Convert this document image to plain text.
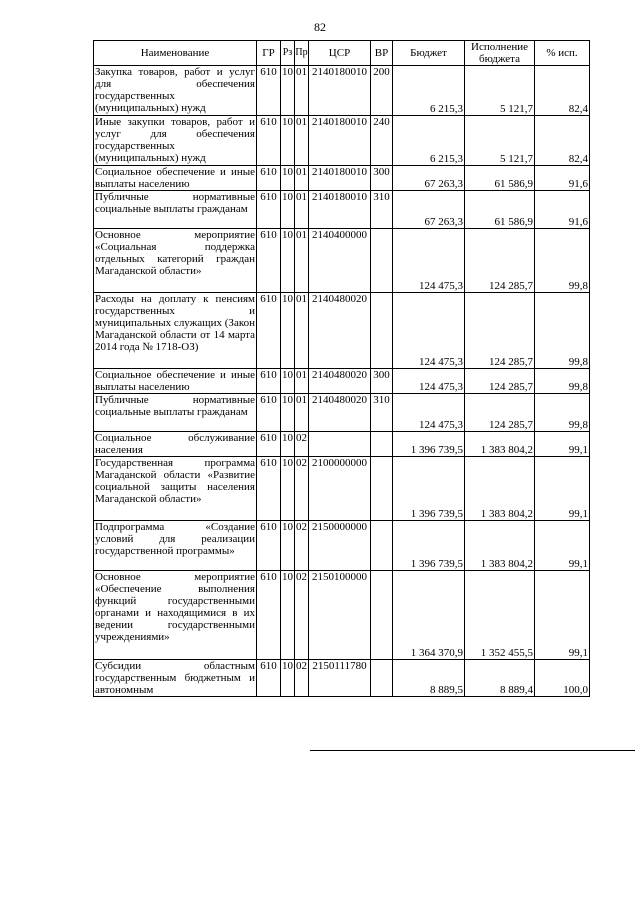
82
Наименование	ГР	Рз	Пр	ЦСР	ВР	Бюджет	Исполнение бюджета	% исп.
Закупка товаров, работ и услуг для обеспечения государственных (муниципальных) нужд	610	10	01	2140180010	200	6 215,3	5 121,7	82,4
Иные закупки товаров, работ и услуг для обеспечения государственных (муниципальных) нужд	610	10	01	2140180010	240	6 215,3	5 121,7	82,4
Социальное обеспечение и иные выплаты населению	610	10	01	2140180010	300	67 263,3	61 586,9	91,6
Публичные нормативные социальные выплаты гражданам	610	10	01	2140180010	310	67 263,3	61 586,9	91,6
Основное мероприятие «Социальная поддержка отдельных категорий граждан Магаданской области»	610	10	01	2140400000		124 475,3	124 285,7	99,8
Расходы на доплату к пенсиям государственных и муниципальных служащих (Закон Магаданской области от 14 марта 2014 года № 1718-ОЗ)	610	10	01	2140480020		124 475,3	124 285,7	99,8
Социальное обеспечение и иные выплаты населению	610	10	01	2140480020	300	124 475,3	124 285,7	99,8
Публичные нормативные социальные выплаты гражданам	610	10	01	2140480020	310	124 475,3	124 285,7	99,8
Социальное обслуживание населения	610	10	02			1 396 739,5	1 383 804,2	99,1
Государственная программа Магаданской области «Развитие социальной защиты населения Магаданской области»	610	10	02	2100000000		1 396 739,5	1 383 804,2	99,1
Подпрограмма «Создание условий для реализации государственной программы»	610	10	02	2150000000		1 396 739,5	1 383 804,2	99,1
Основное мероприятие «Обеспечение выполнения функций государственными органами и находящимися в их ведении государственными учреждениями»	610	10	02	2150100000		1 364 370,9	1 352 455,5	99,1
Субсидии областным государственным бюджетным и автономным	610	10	02	2150111780		8 889,5	8 889,4	100,0
